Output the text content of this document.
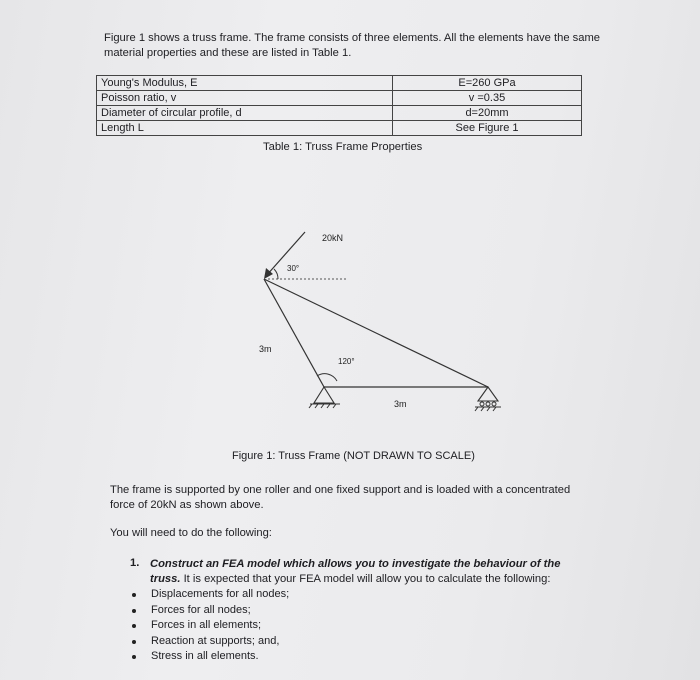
Figure 1 shows a truss frame. The frame consists of three elements. All the elements have the same material properties and these are listed in Table 1.

Young's Modulus, E	E=260 GPa
Poisson ratio, v	v =0.35
Diameter of circular profile, d	d=20mm
Length L	See Figure 1
Table 1: Truss Frame Properties
20kN
30°
120°
3m
3m
Figure 1: Truss Frame (NOT DRAWN TO SCALE)

The frame is supported by one roller and one fixed support and is loaded with a concentrated force of 20kN as shown above.

You will need to do the following:

1. Construct an FEA model which allows you to investigate the behaviour of the truss. It is expected that your FEA model will allow you to calculate the following:

Displacements for all nodes;
Forces for all nodes;
Forces in all elements;
Reaction at supports; and,
Stress in all elements.
